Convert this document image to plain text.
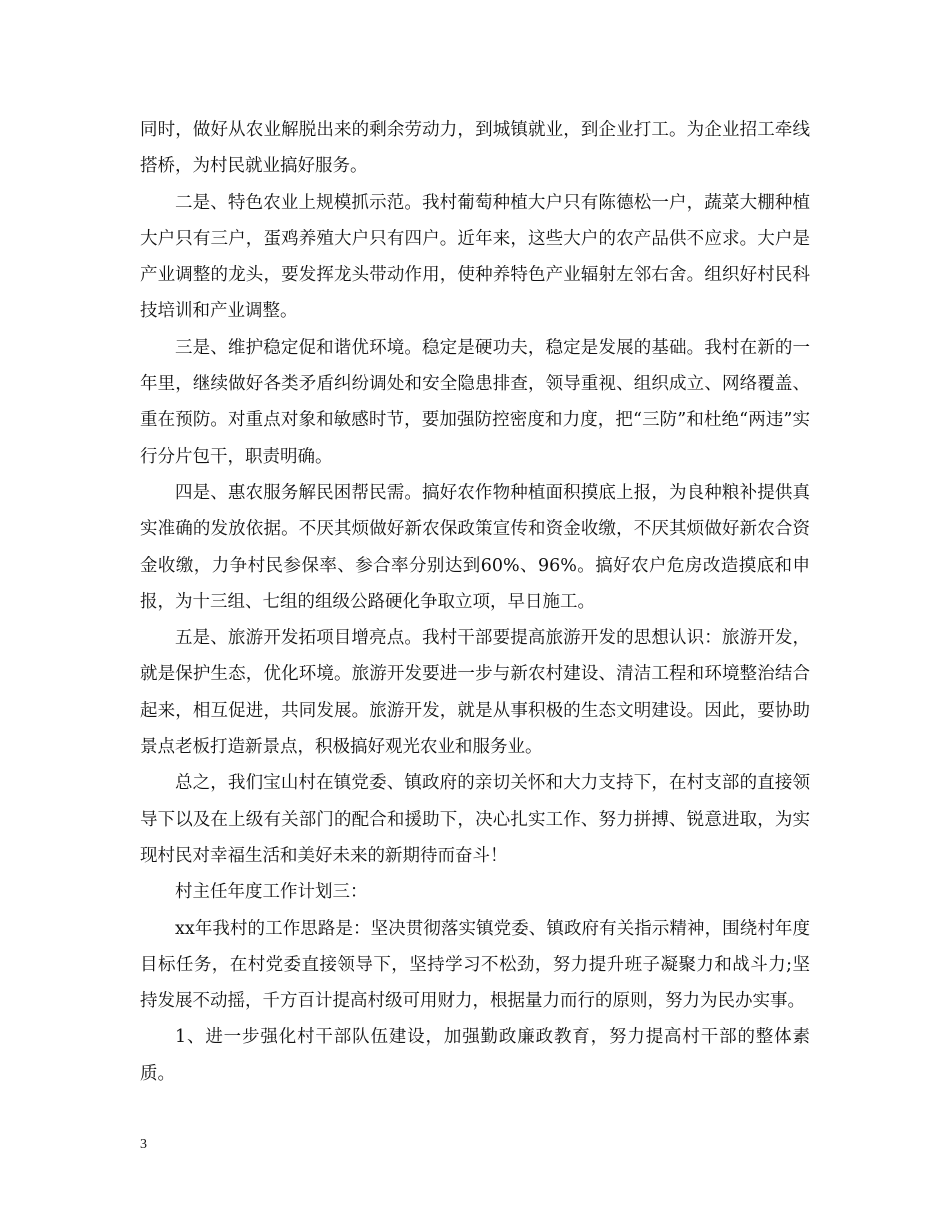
同时，做好从农业解脱出来的剩余劳动力，到城镇就业，到企业打工。为企业招工牵线搭桥，为村民就业搞好服务。

二是、特色农业上规模抓示范。我村葡萄种植大户只有陈德松一户，蔬菜大棚种植大户只有三户，蛋鸡养殖大户只有四户。近年来，这些大户的农产品供不应求。大户是产业调整的龙头，要发挥龙头带动作用，使种养特色产业辐射左邻右舍。组织好村民科技培训和产业调整。

三是、维护稳定促和谐优环境。稳定是硬功夫，稳定是发展的基础。我村在新的一年里，继续做好各类矛盾纠纷调处和安全隐患排查，领导重视、组织成立、网络覆盖、重在预防。对重点对象和敏感时节，要加强防控密度和力度，把“三防”和杜绝“两违”实行分片包干，职责明确。

四是、惠农服务解民困帮民需。搞好农作物种植面积摸底上报，为良种粮补提供真实准确的发放依据。不厌其烦做好新农保政策宣传和资金收缴，不厌其烦做好新农合资金收缴，力争村民参保率、参合率分别达到60%、96%。搞好农户危房改造摸底和申报，为十三组、七组的组级公路硬化争取立项，早日施工。

五是、旅游开发拓项目增亮点。我村干部要提高旅游开发的思想认识：旅游开发，就是保护生态，优化环境。旅游开发要进一步与新农村建设、清洁工程和环境整治结合起来，相互促进，共同发展。旅游开发，就是从事积极的生态文明建设。因此，要协助景点老板打造新景点，积极搞好观光农业和服务业。

总之，我们宝山村在镇党委、镇政府的亲切关怀和大力支持下，在村支部的直接领导下以及在上级有关部门的配合和援助下，决心扎实工作、努力拼搏、锐意进取，为实现村民对幸福生活和美好未来的新期待而奋斗！

村主任年度工作计划三：

xx年我村的工作思路是：坚决贯彻落实镇党委、镇政府有关指示精神，围绕村年度目标任务，在村党委直接领导下，坚持学习不松劲，努力提升班子凝聚力和战斗力;坚持发展不动摇，千方百计提高村级可用财力，根据量力而行的原则，努力为民办实事。

1、进一步强化村干部队伍建设，加强勤政廉政教育，努力提高村干部的整体素质。

3
